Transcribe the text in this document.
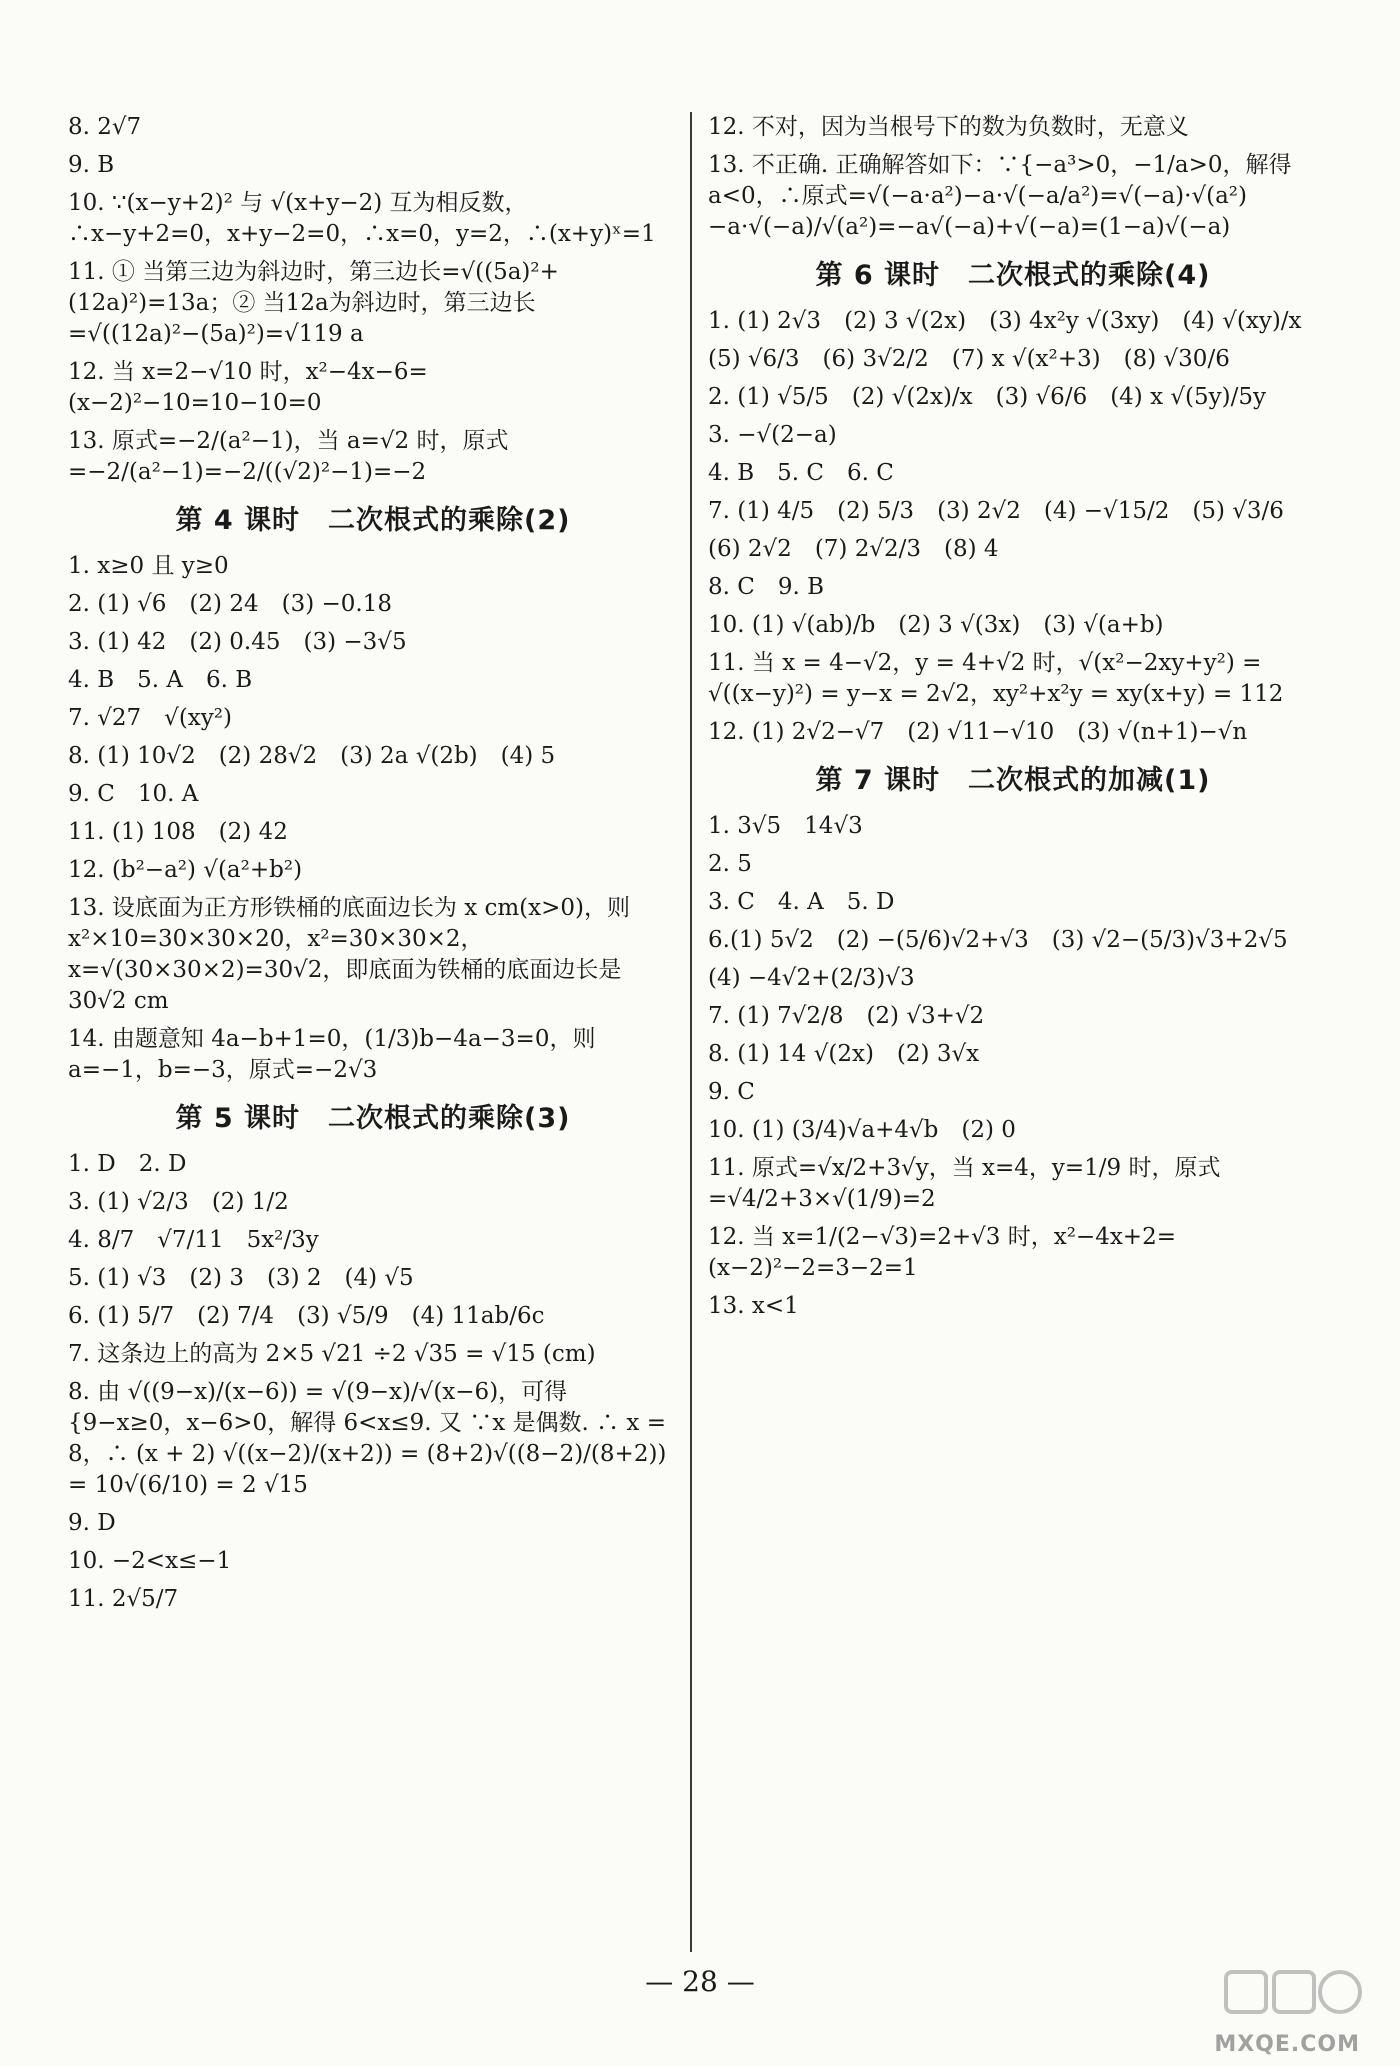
8. 2√7
9. B
10. ∵(x−y+2)² 与 √(x+y−2) 互为相反数，∴x−y+2=0，x+y−2=0，∴x=0，y=2，∴(x+y)ˣ=1
11. ① 当第三边为斜边时，第三边长=√((5a)²+(12a)²)=13a；② 当12a为斜边时，第三边长=√((12a)²−(5a)²)=√119 a
12. 当 x=2−√10 时，x²−4x−6=(x−2)²−10=10−10=0
13. 原式=−2/(a²−1)，当 a=√2 时，原式=−2/(a²−1)=−2/((√2)²−1)=−2
第 4 课时　二次根式的乘除(2)
1. x≥0 且 y≥0
2. (1) √6　(2) 24　(3) −0.18
3. (1) 42　(2) 0.45　(3) −3√5
4. B　5. A　6. B
7. √27　√(xy²)
8. (1) 10√2　(2) 28√2　(3) 2a √(2b)　(4) 5
9. C　10. A
11. (1) 108　(2) 42
12. (b²−a²) √(a²+b²)
13. 设底面为正方形铁桶的底面边长为 x cm(x>0)，则 x²×10=30×30×20，x²=30×30×2，x=√(30×30×2)=30√2，即底面为铁桶的底面边长是 30√2 cm
14. 由题意知 4a−b+1=0，(1/3)b−4a−3=0，则 a=−1，b=−3，原式=−2√3
第 5 课时　二次根式的乘除(3)
1. D　2. D
3. (1) √2/3　(2) 1/2
4. 8/7　√7/11　5x²/3y
5. (1) √3　(2) 3　(3) 2　(4) √5
6. (1) 5/7　(2) 7/4　(3) √5/9　(4) 11ab/6c
7. 这条边上的高为 2×5 √21 ÷2 √35 = √15 (cm)
8. 由 √((9−x)/(x−6)) = √(9−x)/√(x−6)，可得 {9−x≥0，x−6>0，解得 6<x≤9. 又 ∵x 是偶数. ∴ x = 8，∴ (x + 2) √((x−2)/(x+2)) = (8+2)√((8−2)/(8+2)) = 10√(6/10) = 2 √15
9. D
10. −2<x≤−1
11. 2√5/7
12. 不对，因为当根号下的数为负数时，无意义
13. 不正确. 正确解答如下：∵{−a³>0，−1/a>0，解得 a<0，∴原式=√(−a·a²)−a·√(−a/a²)=√(−a)·√(a²)−a·√(−a)/√(a²)=−a√(−a)+√(−a)=(1−a)√(−a)
第 6 课时　二次根式的乘除(4)
1. (1) 2√3　(2) 3 √(2x)　(3) 4x²y √(3xy)　(4) √(xy)/x
(5) √6/3　(6) 3√2/2　(7) x √(x²+3)　(8) √30/6
2. (1) √5/5　(2) √(2x)/x　(3) √6/6　(4) x √(5y)/5y
3. −√(2−a)
4. B　5. C　6. C
7. (1) 4/5　(2) 5/3　(3) 2√2　(4) −√15/2　(5) √3/6
(6) 2√2　(7) 2√2/3　(8) 4
8. C　9. B
10. (1) √(ab)/b　(2) 3 √(3x)　(3) √(a+b)
11. 当 x = 4−√2，y = 4+√2 时，√(x²−2xy+y²) = √((x−y)²) = y−x = 2√2，xy²+x²y = xy(x+y) = 112
12. (1) 2√2−√7　(2) √11−√10　(3) √(n+1)−√n
第 7 课时　二次根式的加减(1)
1. 3√5　14√3
2. 5
3. C　4. A　5. D
6.(1) 5√2　(2) −(5/6)√2+√3　(3) √2−(5/3)√3+2√5
(4) −4√2+(2/3)√3
7. (1) 7√2/8　(2) √3+√2
8. (1) 14 √(2x)　(2) 3√x
9. C
10. (1) (3/4)√a+4√b　(2) 0
11. 原式=√x/2+3√y，当 x=4，y=1/9 时，原式=√4/2+3×√(1/9)=2
12. 当 x=1/(2−√3)=2+√3 时，x²−4x+2=(x−2)²−2=3−2=1
13. x<1
— 28 —
MXQE.COM
